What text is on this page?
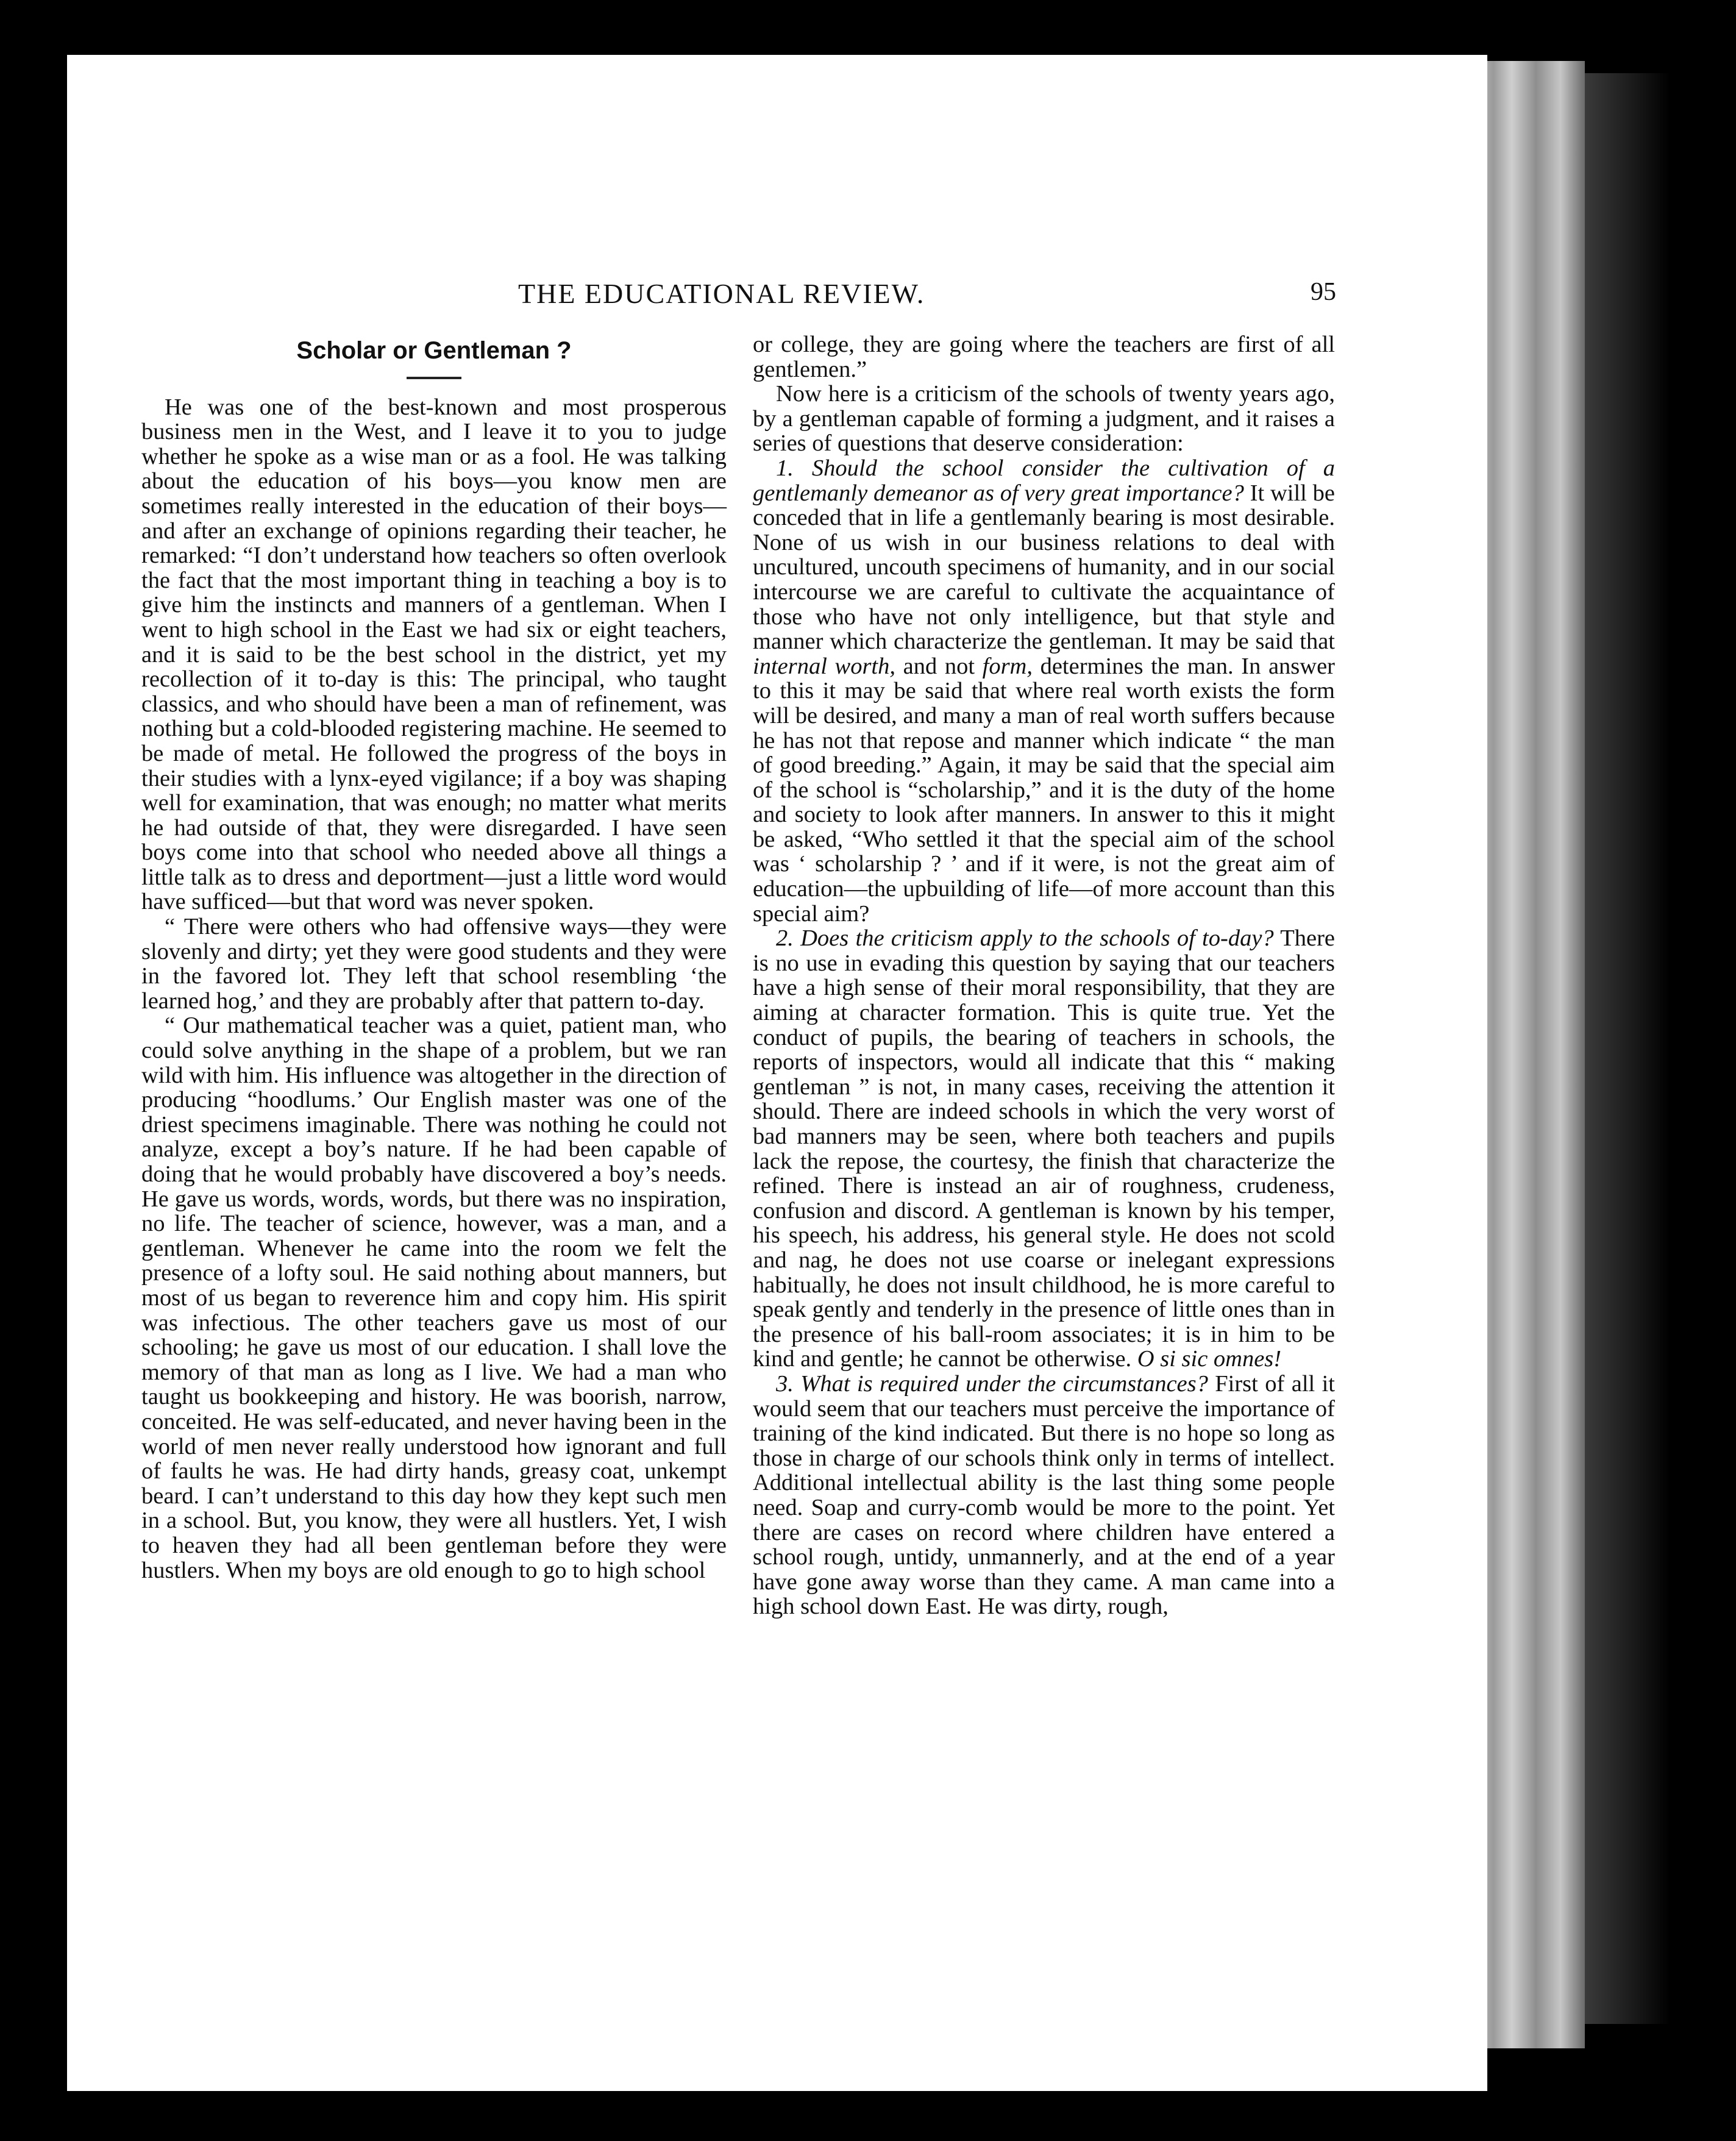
THE EDUCATIONAL REVIEW.	95
Scholar or Gentleman ?

He was one of the best-known and most prosperous business men in the West, and I leave it to you to judge whether he spoke as a wise man or as a fool. He was talking about the education of his boys—you know men are sometimes really interested in the education of their boys—and after an exchange of opinions regarding their teacher, he remarked: “I don’t understand how teachers so often overlook the fact that the most important thing in teaching a boy is to give him the instincts and manners of a gentleman. When I went to high school in the East we had six or eight teachers, and it is said to be the best school in the district, yet my recollection of it to-day is this: The principal, who taught classics, and who should have been a man of refinement, was nothing but a cold-blooded registering machine. He seemed to be made of metal. He followed the progress of the boys in their studies with a lynx-eyed vigilance; if a boy was shaping well for examination, that was enough; no matter what merits he had outside of that, they were disregarded. I have seen boys come into that school who needed above all things a little talk as to dress and deportment—just a little word would have sufficed—but that word was never spoken.

“ There were others who had offensive ways—they were slovenly and dirty; yet they were good students and they were in the favored lot. They left that school resembling ‘the learned hog,’ and they are probably after that pattern to-day.

“ Our mathematical teacher was a quiet, patient man, who could solve anything in the shape of a problem, but we ran wild with him. His influence was altogether in the direction of producing “hoodlums.’ Our English master was one of the driest specimens imaginable. There was nothing he could not analyze, except a boy’s nature. If he had been capable of doing that he would probably have discovered a boy’s needs. He gave us words, words, words, but there was no inspiration, no life. The teacher of science, however, was a man, and a gentleman. Whenever he came into the room we felt the presence of a lofty soul. He said nothing about manners, but most of us began to reverence him and copy him. His spirit was infectious. The other teachers gave us most of our schooling; he gave us most of our education. I shall love the memory of that man as long as I live. We had a man who taught us bookkeeping and history. He was boorish, narrow, conceited. He was self-educated, and never having been in the world of men never really understood how ignorant and full of faults he was. He had dirty hands, greasy coat, unkempt beard. I can’t understand to this day how they kept such men in a school. But, you know, they were all hustlers. Yet, I wish to heaven they had all been gentleman before they were hustlers. When my boys are old enough to go to high school

or college, they are going where the teachers are first of all gentlemen.”

Now here is a criticism of the schools of twenty years ago, by a gentleman capable of forming a judgment, and it raises a series of questions that deserve consideration:

1. Should the school consider the cultivation of a gentlemanly demeanor as of very great importance? It will be conceded that in life a gentlemanly bearing is most desirable. None of us wish in our business relations to deal with uncultured, uncouth specimens of humanity, and in our social intercourse we are careful to cultivate the acquaintance of those who have not only intelligence, but that style and manner which characterize the gentleman. It may be said that internal worth, and not form, determines the man. In answer to this it may be said that where real worth exists the form will be desired, and many a man of real worth suffers because he has not that repose and manner which indicate “ the man of good breeding.” Again, it may be said that the special aim of the school is “scholarship,” and it is the duty of the home and society to look after manners. In answer to this it might be asked, “Who settled it that the special aim of the school was ‘ scholarship ? ’ and if it were, is not the great aim of education—the upbuilding of life—of more account than this special aim?

2. Does the criticism apply to the schools of to-day? There is no use in evading this question by saying that our teachers have a high sense of their moral responsibility, that they are aiming at character formation. This is quite true. Yet the conduct of pupils, the bearing of teachers in schools, the reports of inspectors, would all indicate that this “ making gentleman ” is not, in many cases, receiving the attention it should. There are indeed schools in which the very worst of bad manners may be seen, where both teachers and pupils lack the repose, the courtesy, the finish that characterize the refined. There is instead an air of roughness, crudeness, confusion and discord. A gentleman is known by his temper, his speech, his address, his general style. He does not scold and nag, he does not use coarse or inelegant expressions habitually, he does not insult childhood, he is more careful to speak gently and tenderly in the presence of little ones than in the presence of his ball-room associates; it is in him to be kind and gentle; he cannot be otherwise. O si sic omnes!

3. What is required under the circumstances? First of all it would seem that our teachers must perceive the importance of training of the kind indicated. But there is no hope so long as those in charge of our schools think only in terms of intellect. Additional intellectual ability is the last thing some people need. Soap and curry-comb would be more to the point. Yet there are cases on record where children have entered a school rough, untidy, unmannerly, and at the end of a year have gone away worse than they came. A man came into a high school down East. He was dirty, rough,
